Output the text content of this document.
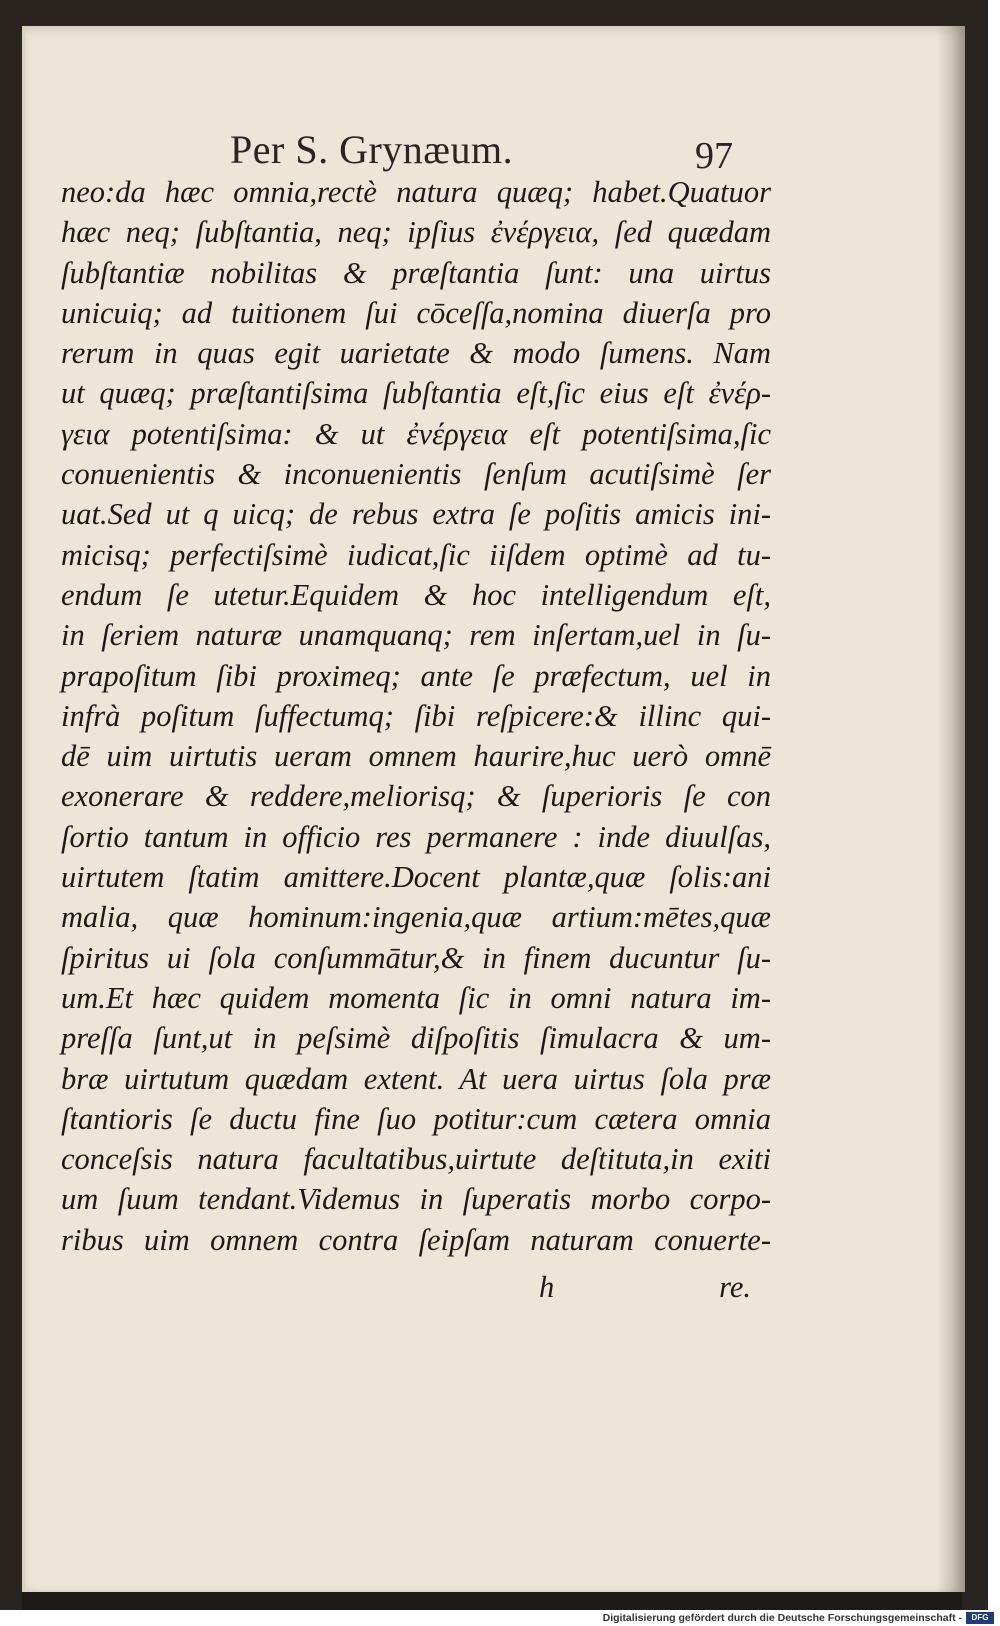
Per S. Grynæum.	97
neo:da hæc omnia,rectè natura quæq; habet.Quatuor
hæc neq; ſubſtantia, neq; ipſius ἐνέργεια, ſed quædam
ſubſtantiæ nobilitas & præſtantia ſunt: una uirtus
unicuiq; ad tuitionem ſui cōceſſa,nomina diuerſa pro
rerum in quas egit uarietate & modo ſumens. Nam
ut quæq; præſtantiſsima ſubſtantia eſt,ſic eius eſt ἐνέρ-
γεια potentiſsima: & ut ἐνέργεια eſt potentiſsima,ſic
conuenientis & inconuenientis ſenſum acutiſsimè ſer
uat.Sed ut q uicq; de rebus extra ſe poſitis amicis ini-
micisq; perfectiſsimè iudicat,ſic iiſdem optimè ad tu-
endum ſe utetur.Equidem & hoc intelligendum eſt,
in ſeriem naturæ unamquanq; rem inſertam,uel in ſu-
prapoſitum ſibi proximeq; ante ſe præfectum, uel in
infrà poſitum ſuffectumq; ſibi reſpicere:& illinc qui-
dē uim uirtutis ueram omnem haurire,huc uerò omnē
exonerare & reddere,meliorisq; & ſuperioris ſe con
ſortio tantum in officio res permanere : inde diuulſas,
uirtutem ſtatim amittere.Docent plantæ,quæ ſolis:ani
malia, quæ hominum:ingenia,quæ artium:mētes,quæ
ſpiritus ui ſola conſummātur,& in finem ducuntur ſu-
um.Et hæc quidem momenta ſic in omni natura im-
preſſa ſunt,ut in peſsimè diſpoſitis ſimulacra & um-
bræ uirtutum quædam extent. At uera uirtus ſola præ
ſtantioris ſe ductu fine ſuo potitur:cum cætera omnia
conceſsis natura facultatibus,uirtute deſtituta,in exiti
um ſuum tendant.Videmus in ſuperatis morbo corpo-
ribus uim omnem contra ſeipſam naturam conuerte-
h	re.
Digitalisierung gefördert durch die Deutsche Forschungsgemeinschaft -	DFG
